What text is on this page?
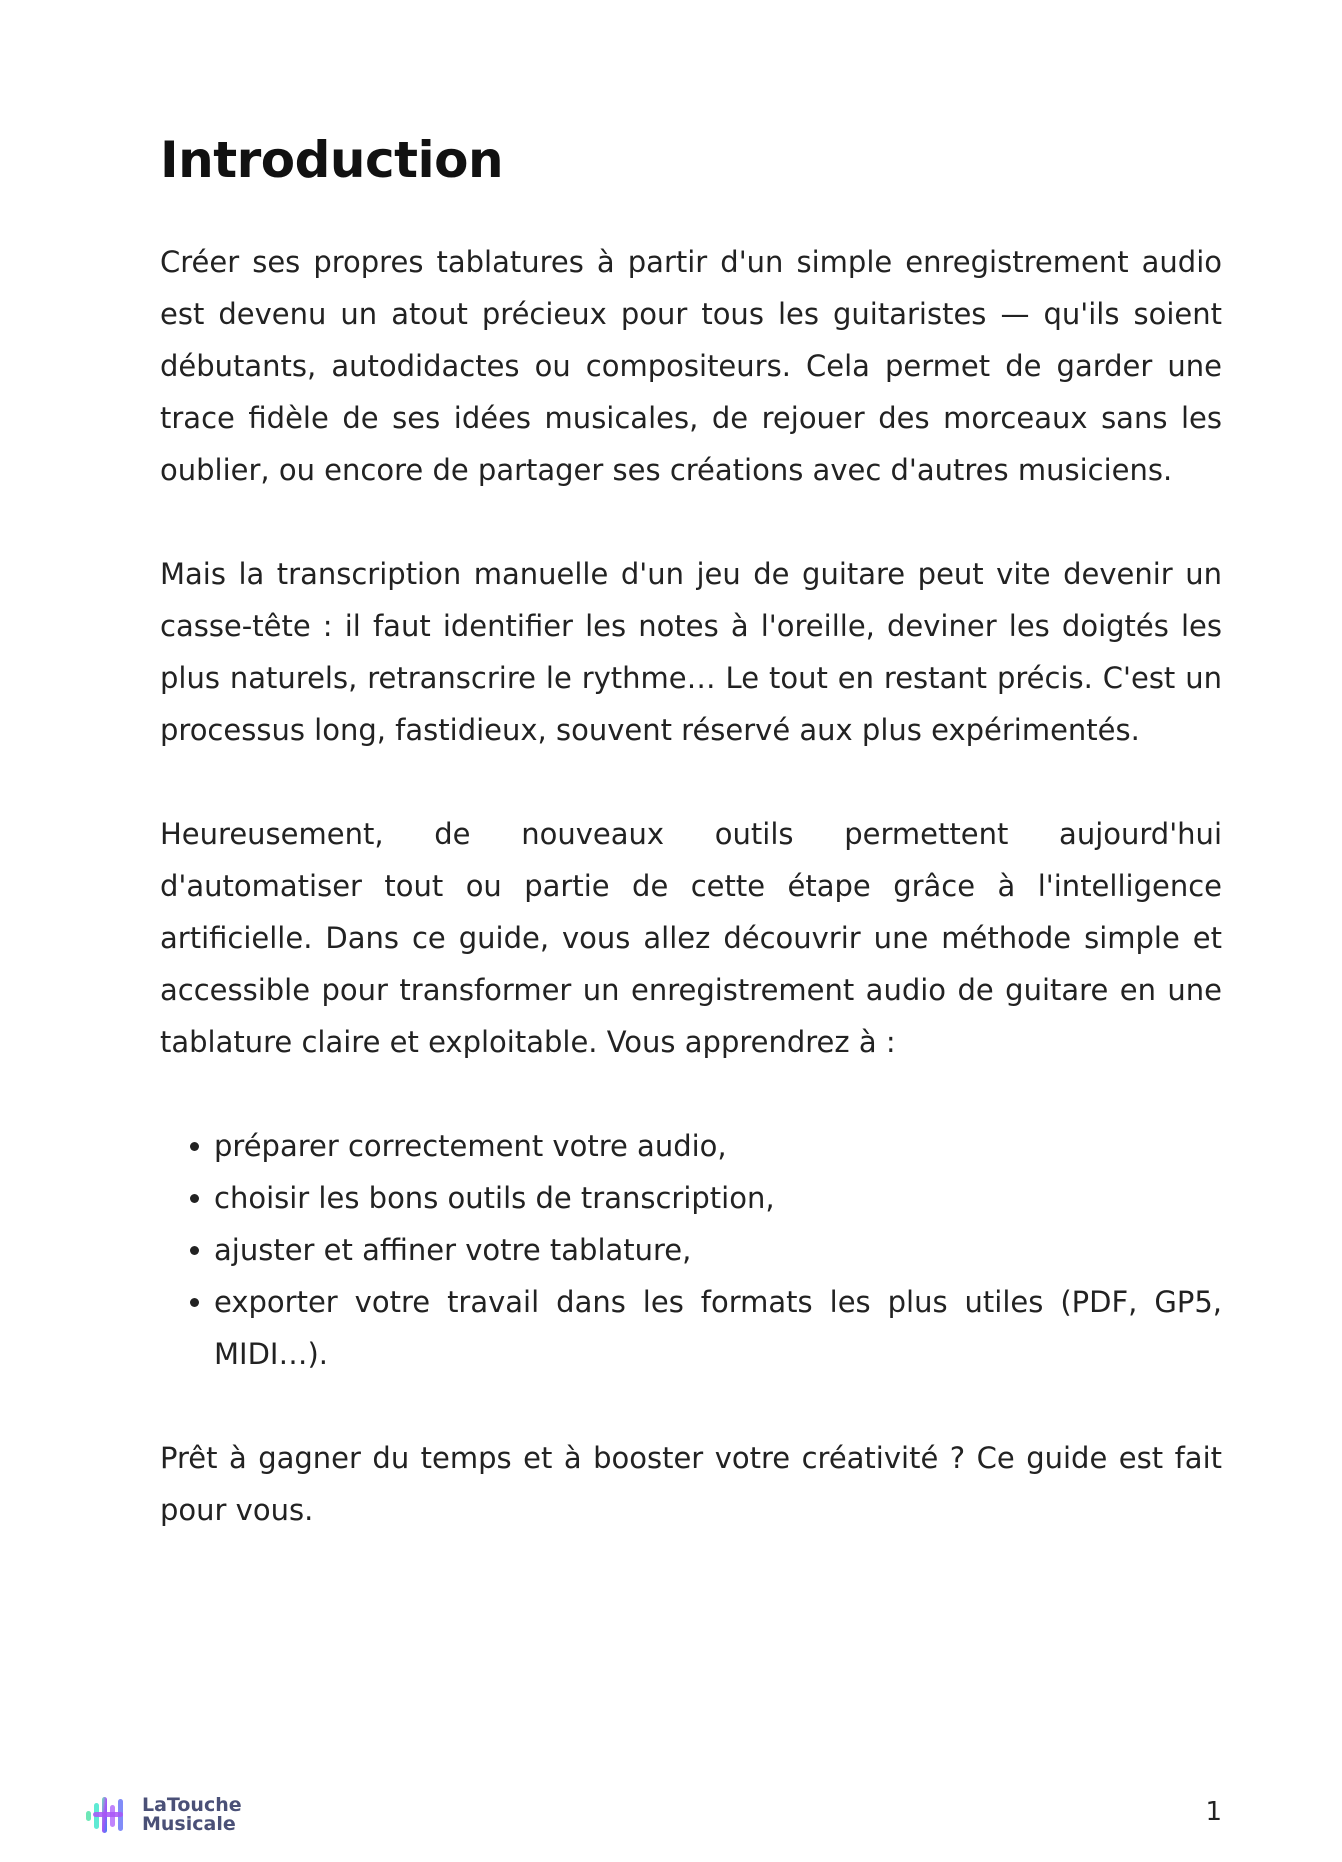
Introduction

Créer ses propres tablatures à partir d'un simple enregistrement audio est devenu un atout précieux pour tous les guitaristes — qu'ils soient débutants, autodidactes ou compositeurs. Cela permet de garder une trace fidèle de ses idées musicales, de rejouer des morceaux sans les oublier, ou encore de partager ses créations avec d'autres musiciens.

Mais la transcription manuelle d'un jeu de guitare peut vite devenir un casse-tête : il faut identifier les notes à l'oreille, deviner les doigtés les plus naturels, retranscrire le rythme… Le tout en restant précis. C'est un processus long, fastidieux, souvent réservé aux plus expérimentés.

Heureusement, de nouveaux outils permettent aujourd'hui d'automatiser tout ou partie de cette étape grâce à l'intelligence artificielle. Dans ce guide, vous allez découvrir une méthode simple et accessible pour transformer un enregistrement audio de guitare en une tablature claire et exploitable. Vous apprendrez à :

préparer correctement votre audio,
choisir les bons outils de transcription,
ajuster et affiner votre tablature,
exporter votre travail dans les formats les plus utiles (PDF, GP5, MIDI…).

Prêt à gagner du temps et à booster votre créativité ? Ce guide est fait pour vous.

LaTouche
Musicale	1
